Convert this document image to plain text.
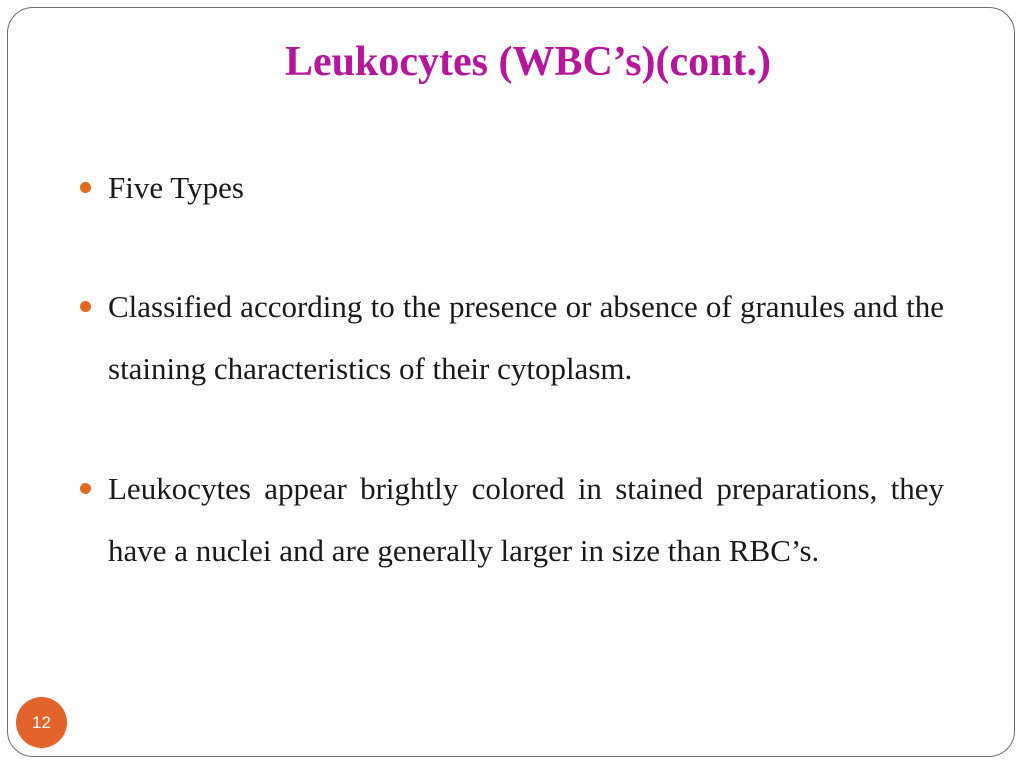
Leukocytes (WBC’s)(cont.)
Five Types
Classified according to the presence or absence of granules and the staining characteristics of their cytoplasm.
Leukocytes appear brightly colored in stained preparations, they have a nuclei and are generally larger in size than RBC’s.
12
